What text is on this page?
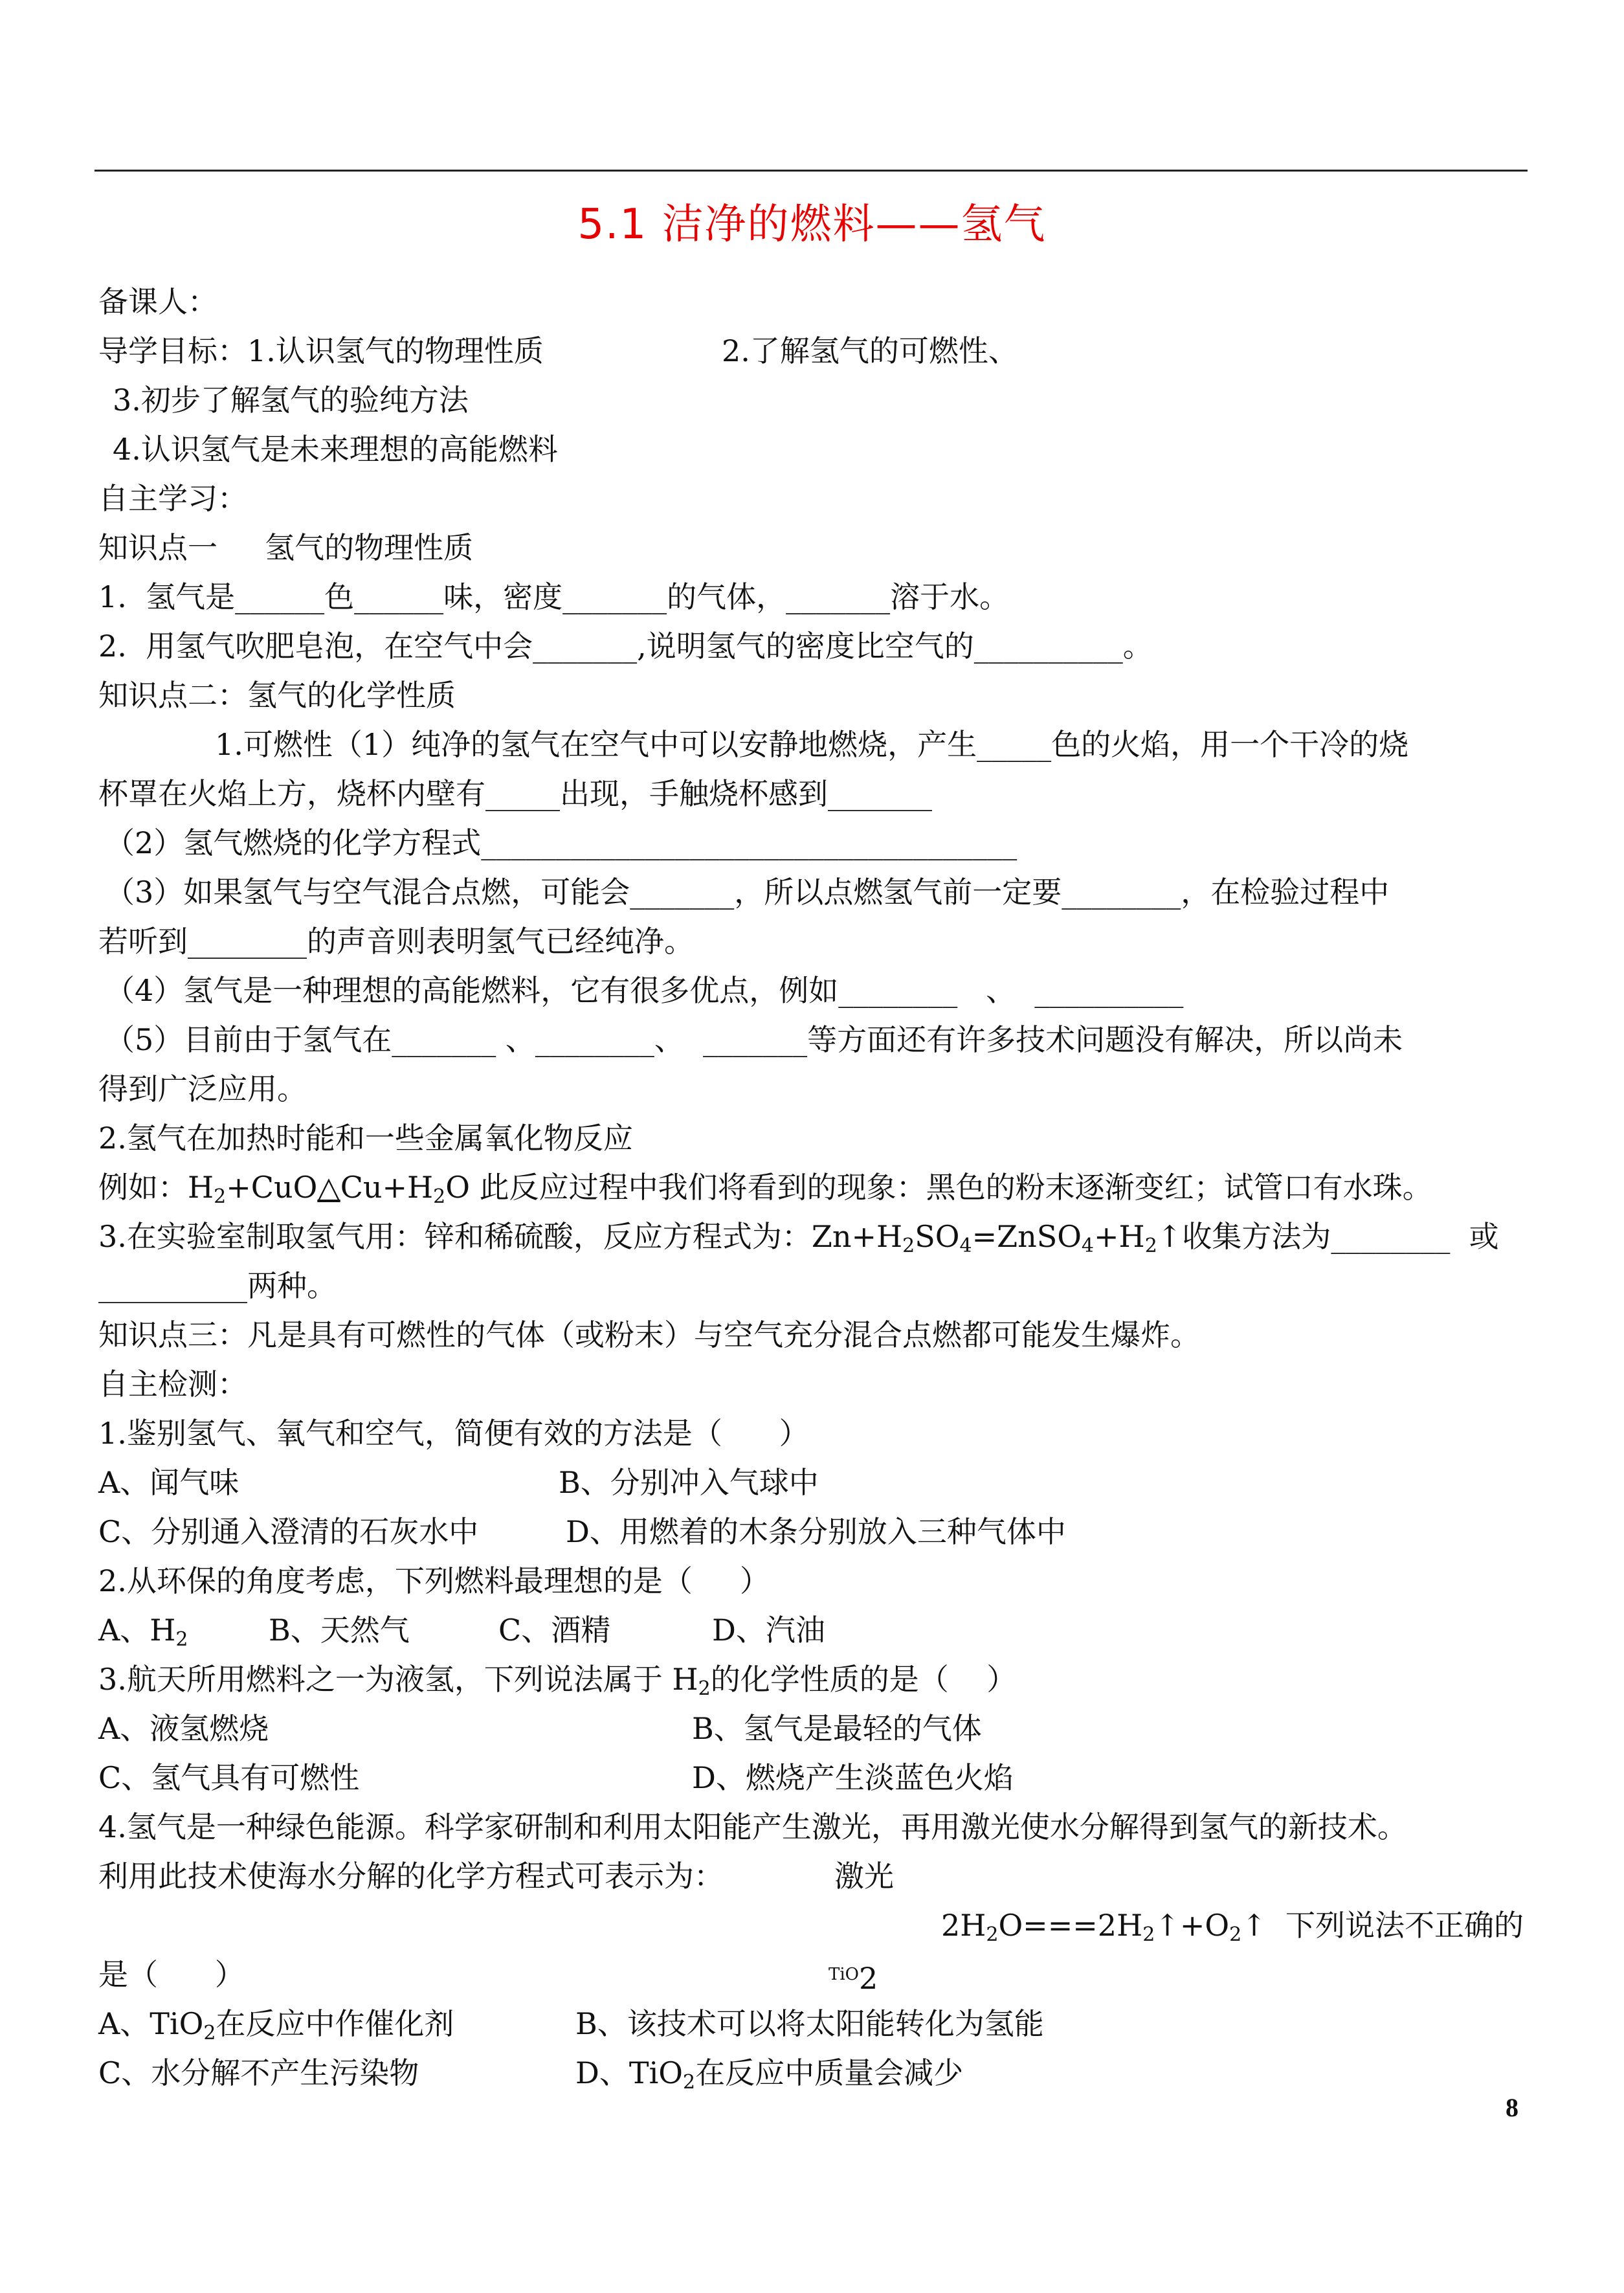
5.1 洁净的燃料——氢气
备课人：
导学目标：1.认识氢气的物理性质	2.了解氢气的可燃性、
3.初步了解氢气的验纯方法
4.认识氢气是未来理想的高能燃料
自主学习：
知识点一     氢气的物理性质
1.  氢气是______色______味，密度_______的气体，_______溶于水。
2.  用氢气吹肥皂泡，在空气中会_______,说明氢气的密度比空气的__________。
知识点二：氢气的化学性质
1.可燃性（1）纯净的氢气在空气中可以安静地燃烧，产生_____色的火焰，用一个干冷的烧
杯罩在火焰上方，烧杯内壁有_____出现，手触烧杯感到_______
（2）氢气燃烧的化学方程式____________________________________
（3）如果氢气与空气混合点燃，可能会_______，所以点燃氢气前一定要________，在检验过程中
若听到________的声音则表明氢气已经纯净。
（4）氢气是一种理想的高能燃料，它有很多优点，例如________   、  __________
（5）目前由于氢气在_______ 、________、  _______等方面还有许多技术问题没有解决，所以尚未
得到广泛应用。
2.氢气在加热时能和一些金属氧化物反应
例如：$H_2+CuO\triangle Cu+H_2O$ 此反应过程中我们将看到的现象：黑色的粉末逐渐变红；试管口有水珠。
3.在实验室制取氢气用：锌和稀硫酸，反应方程式为：$Zn+H_2SO_4=ZnSO_4+H_2↑$收集方法为________  或
__________两种。
知识点三：凡是具有可燃性的气体（或粉末）与空气充分混合点燃都可能发生爆炸。
自主检测：
1.鉴别氢气、氧气和空气，简便有效的方法是（      ）
A、闻气味	B、分别冲入气球中
C、分别通入澄清的石灰水中	D、用燃着的木条分别放入三种气体中
2.从环保的角度考虑，下列燃料最理想的是（     ）
A、$H_2$	B、天然气	C、酒精	D、汽油
3.航天所用燃料之一为液氢，下列说法属于 $H_2$的化学性质的是（    ）
A、液氢燃烧	B、氢气是最轻的气体
C、氢气具有可燃性	D、燃烧产生淡蓝色火焰
4.氢气是一种绿色能源。科学家研制和利用太阳能产生激光，再用激光使水分解得到氢气的新技术。
利用此技术使海水分解的化学方程式可表示为：	激光
$2H_2O===2H_2↑+O_2↑$  下列说法不正确的
是（      ）	$^{TiO}$2
A、TiO$_2$在反应中作催化剂	B、该技术可以将太阳能转化为氢能
C、水分解不产生污染物	D、TiO$_2$在反应中质量会减少
8
